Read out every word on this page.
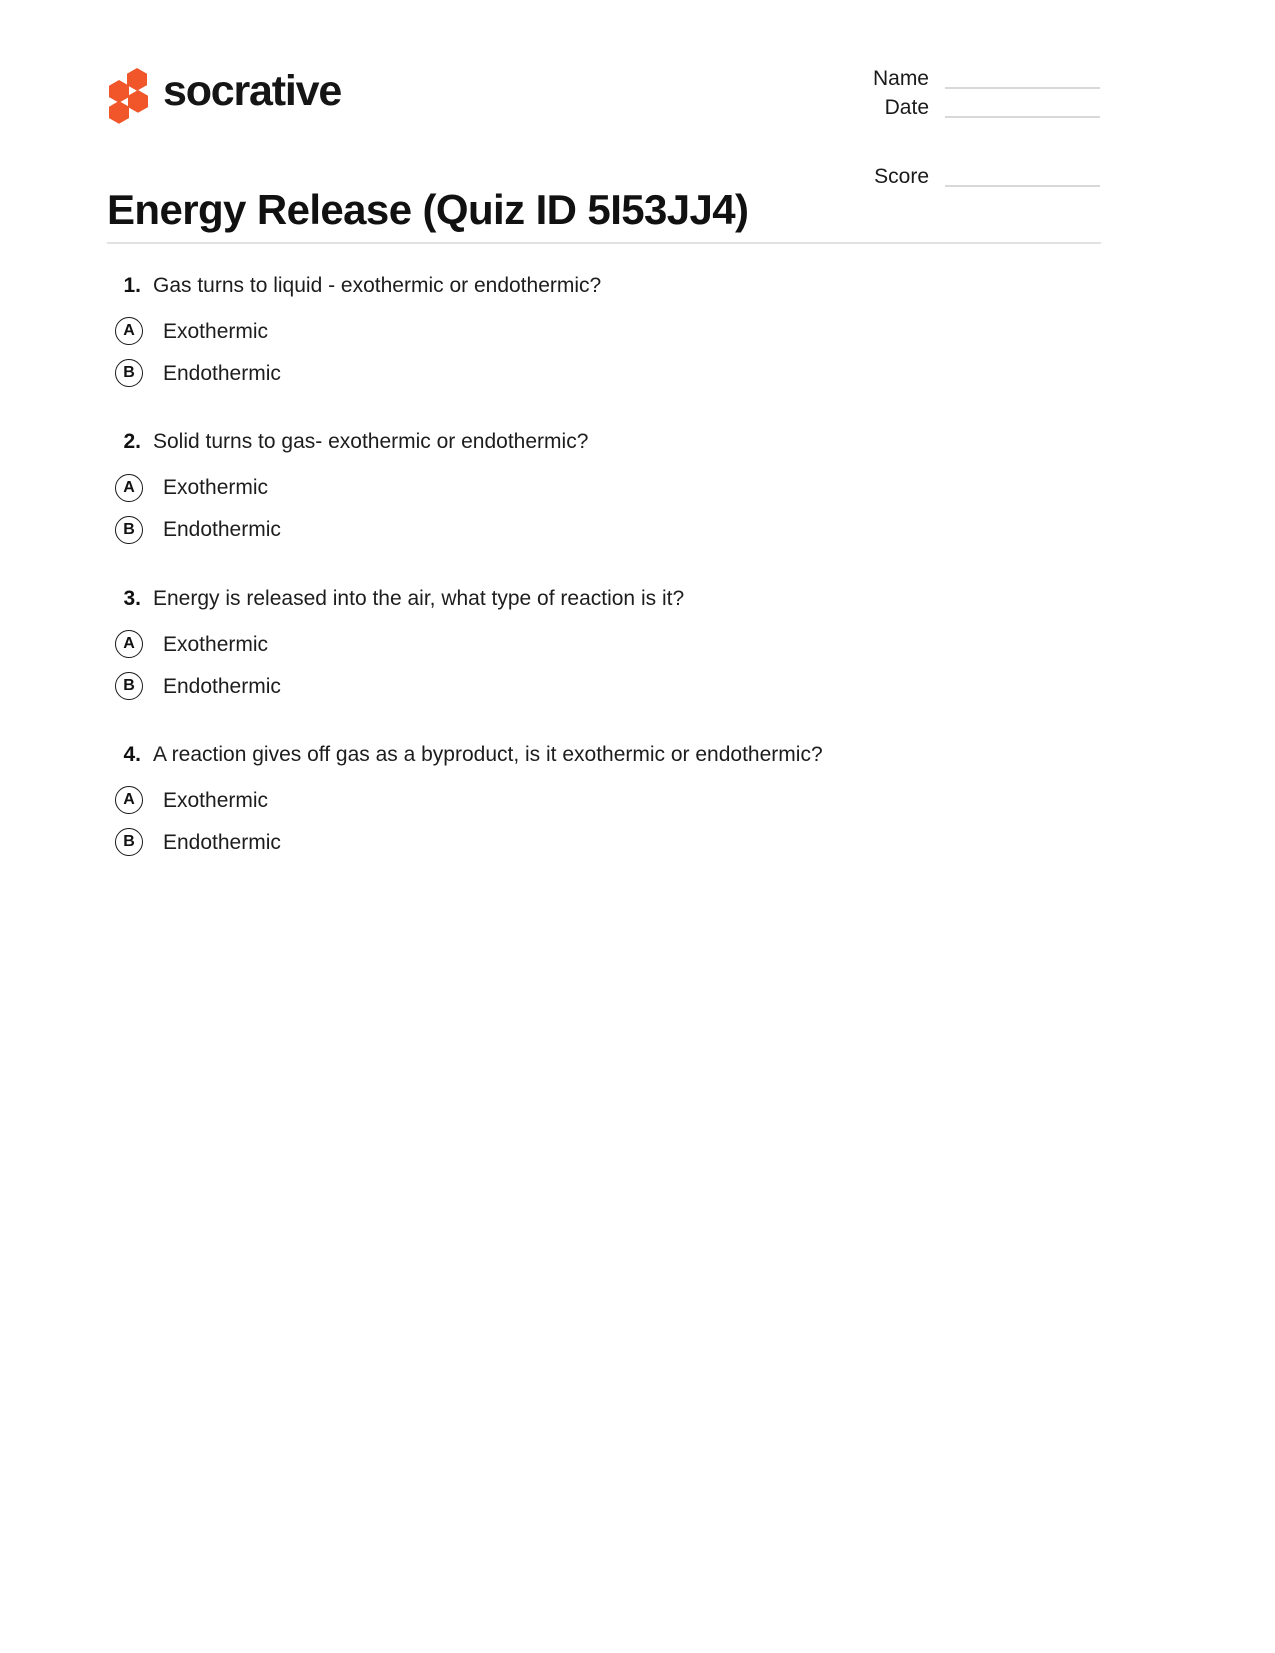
socrative	Name
Date
Score
Energy Release (Quiz ID 5I53JJ4)
1. Gas turns to liquid - exothermic or endothermic?
A	Exothermic
B	Endothermic
2. Solid turns to gas- exothermic or endothermic?
A	Exothermic
B	Endothermic
3. Energy is released into the air, what type of reaction is it?
A	Exothermic
B	Endothermic
4. A reaction gives off gas as a byproduct, is it exothermic or endothermic?
A	Exothermic
B	Endothermic
